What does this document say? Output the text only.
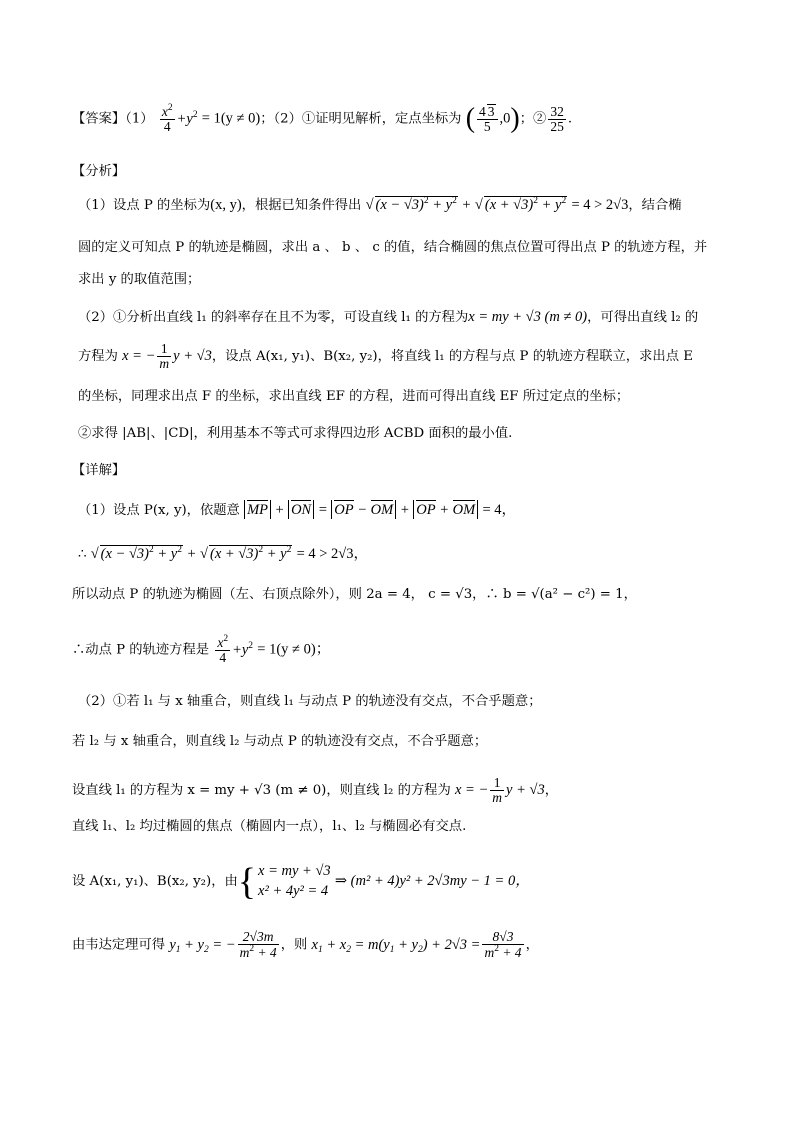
【答案】$(1) \frac{x^2}{4} +y^2 = 1(y \ne 0)$；（2）①证明见解析，定点坐标为 ( $\frac{4 3}{5} ,0$)；② $\frac{32}{25}$ .
【分析】
（1）设点 P 的坐标为(x, y)，根据已知条件得出 √ $(x - √3)^2 + y^2$ + √ $(x + √3)^2 + y^2 = 4 > 2√3$，结合椭
圆的定义可知点 P 的轨迹是椭圆，求出 a 、 b 、 c 的值，结合椭圆的焦点位置可得出点 P 的轨迹方程，并
求出 y 的取值范围；
（2）①分析出直线 l₁ 的斜率存在且不为零，可设直线 l₁ 的方程为x = my + √3 (m ≠ 0)，可得出直线 l₂ 的
方程为 x = − $\frac{1}{m}$ y + √3，设点 A(x₁, y₁)、B(x₂, y₂)，将直线 l₁ 的方程与点 P 的轨迹方程联立，求出点 E
的坐标，同理求出点 F 的坐标，求出直线 EF 的方程，进而可得出直线 EF 所过定点的坐标；
②求得 |AB|、|CD|，利用基本不等式可求得四边形 ACBD 面积的最小值.
【详解】
（1）设点 P(x, y)，依题意 MP + ON = OP − OM + OP + OM = 4，
∴ √ $(x - √3)^2 + y^2$ + √ $(x + √3)^2 + y^2 = 4 > 2√3$，
所以动点 P 的轨迹为椭圆（左、右顶点除外），则 2a = 4， c = √3，∴ b = √(a² − c²) = 1，
∴动点 P 的轨迹方程是 $\frac{x^2}{4} +y^2 = 1(y \ne 0)$；
（2）①若 l₁ 与 x 轴重合，则直线 l₁ 与动点 P 的轨迹没有交点，不合乎题意；
若 l₂ 与 x 轴重合，则直线 l₂ 与动点 P 的轨迹没有交点，不合乎题意；
设直线 l₁ 的方程为 x = my + √3 (m ≠ 0)，则直线 l₂ 的方程为 x = − $\frac{1}{m}$ y + √3，
直线 l₁、l₂ 均过椭圆的焦点（椭圆内一点），l₁、l₂ 与椭圆必有交点.
设 A(x₁, y₁)、B(x₂, y₂)，由{ x = my + √3
x² + 4y² = 4
⇒ (m² + 4)y² + 2√3my − 1 = 0，
由韦达定理可得 $y_1 + y_2$ = − $\frac{2√3m}{m^2 + 4}$ ，则 $x_1 + x_2 = m(y_1 + y_2) + 2√3 = \frac{8√3}{m^2 + 4}$ ，
